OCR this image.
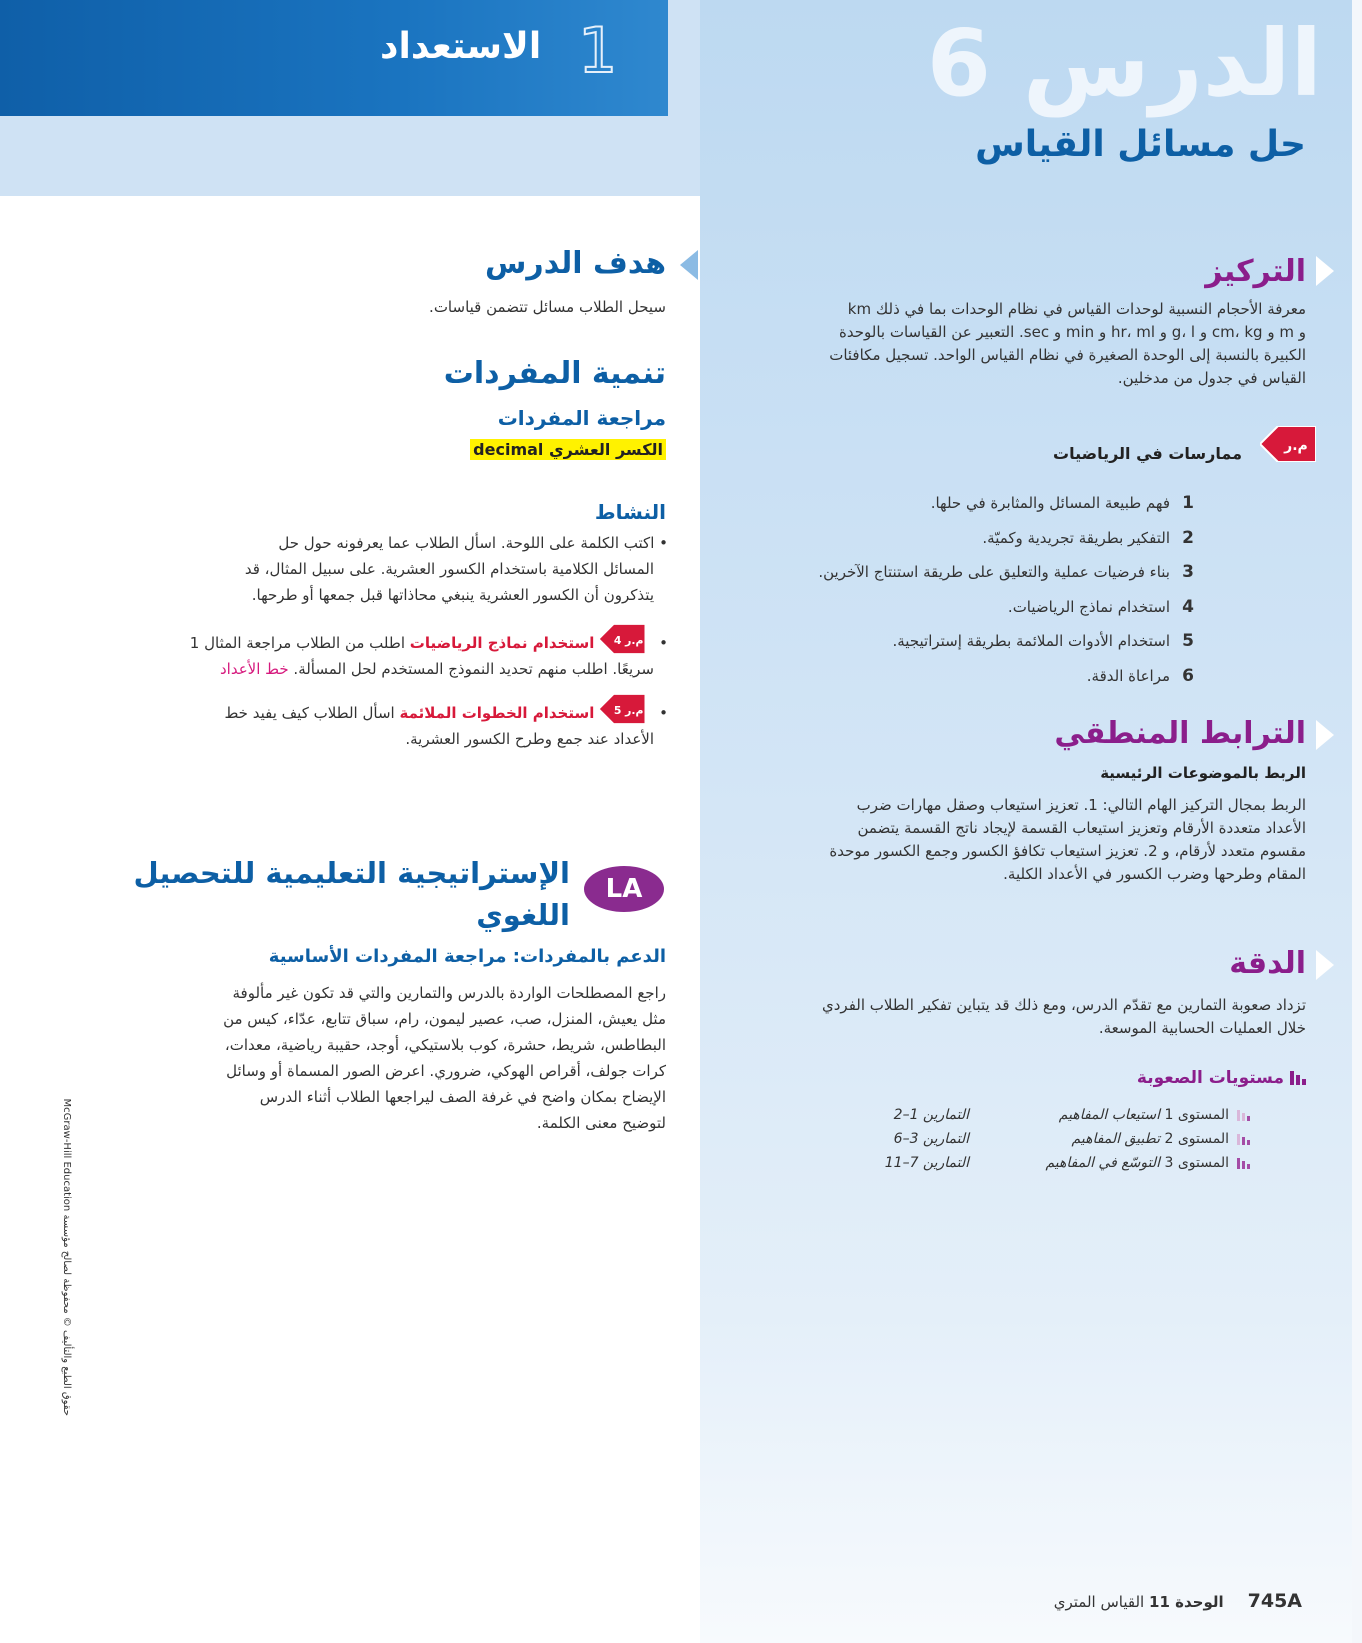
1
الاستعداد	الدرس 6
حل مسائل القياس
التركيز
معرفة الأحجام النسبية لوحدات القياس في نظام الوحدات بما في ذلك km
و m و cm، kg و g، l و hr، ml و min و sec. التعبير عن القياسات بالوحدة
الكبيرة بالنسبة إلى الوحدة الصغيرة في نظام القياس الواحد. تسجيل مكافئات
القياس في جدول من مدخلين.
م.ر
ممارسات في الرياضيات
1
فهم طبيعة المسائل والمثابرة في حلها.
2
التفكير بطريقة تجريدية وكميّة.
3
بناء فرضيات عملية والتعليق على طريقة استنتاج الآخرين.
4
استخدام نماذج الرياضيات.
5
استخدام الأدوات الملائمة بطريقة إستراتيجية.
6
مراعاة الدقة.
الترابط المنطقي
الربط بالموضوعات الرئيسية
الربط بمجال التركيز الهام التالي: 1. تعزيز استيعاب وصقل مهارات ضرب
الأعداد متعددة الأرقام وتعزيز استيعاب القسمة لإيجاد ناتج القسمة يتضمن
مقسوم متعدد لأرقام، و 2. تعزيز استيعاب تكافؤ الكسور وجمع الكسور موحدة
المقام وطرحها وضرب الكسور في الأعداد الكلية.
الدقة
تزداد صعوبة التمارين مع تقدّم الدرس، ومع ذلك قد يتباين تفكير الطلاب الفردي
خلال العمليات الحسابية الموسعة.
مستويات الصعوبة
المستوى 1 استيعاب المفاهيم
التمارين 1–2
المستوى 2 تطبيق المفاهيم
التمارين 3–6
المستوى 3 التوسّع في المفاهيم
التمارين 7–11
هدف الدرس
سيحل الطلاب مسائل تتضمن قياسات.
تنمية المفردات
مراجعة المفردات
الكسر العشري decimal
النشاط
• اكتب الكلمة على اللوحة. اسأل الطلاب عما يعرفونه حول حل
المسائل الكلامية باستخدام الكسور العشرية. على سبيل المثال، قد
يتذكرون أن الكسور العشرية ينبغي محاذاتها قبل جمعها أو طرحها.
م.ر 4 • استخدام نماذج الرياضيات اطلب من الطلاب مراجعة المثال 1
سريعًا. اطلب منهم تحديد النموذج المستخدم لحل المسألة. خط الأعداد
م.ر 5 • استخدام الخطوات الملائمة اسأل الطلاب كيف يفيد خط
الأعداد عند جمع وطرح الكسور العشرية.
LA
الإستراتيجية التعليمية للتحصيل
اللغوي
الدعم بالمفردات: مراجعة المفردات الأساسية
راجع المصطلحات الواردة بالدرس والتمارين والتي قد تكون غير مألوفة
مثل يعيش، المنزل، صب، عصير ليمون، رام، سباق تتابع، عدّاء، كيس من
البطاطس، شريط، حشرة، كوب بلاستيكي، أوجد، حقيبة رياضية، معدات،
كرات جولف، أقراص الهوكي، ضروري. اعرض الصور المسماة أو وسائل
الإيضاح بمكان واضح في غرفة الصف ليراجعها الطلاب أثناء الدرس
لتوضيح معنى الكلمة.
حقوق الطبع والتأليف © محفوظة لصالح مؤسسة McGraw-Hill Education
745A
الوحدة 11 القياس المتري
